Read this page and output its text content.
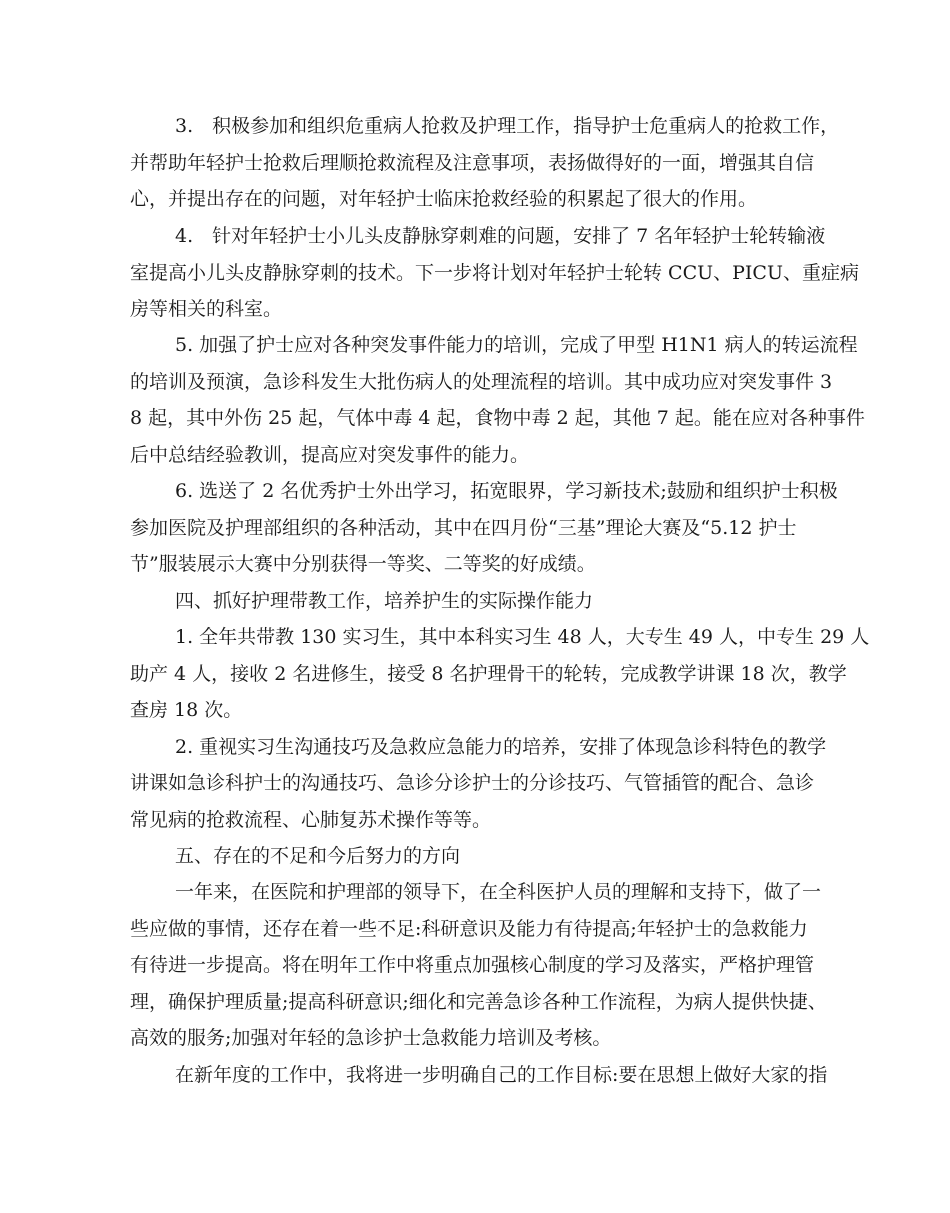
3.　积极参加和组织危重病人抢救及护理工作，指导护士危重病人的抢救工作，
并帮助年轻护士抢救后理顺抢救流程及注意事项，表扬做得好的一面，增强其自信
心，并提出存在的问题，对年轻护士临床抢救经验的积累起了很大的作用。
4.　针对年轻护士小儿头皮静脉穿刺难的问题，安排了 7 名年轻护士轮转输液
室提高小儿头皮静脉穿刺的技术。下一步将计划对年轻护士轮转 CCU、PICU、重症病
房等相关的科室。
5. 加强了护士应对各种突发事件能力的培训，完成了甲型 H1N1 病人的转运流程
的培训及预演，急诊科发生大批伤病人的处理流程的培训。其中成功应对突发事件 3
8 起，其中外伤 25 起，气体中毒 4 起，食物中毒 2 起，其他 7 起。能在应对各种事件
后中总结经验教训，提高应对突发事件的能力。
6. 选送了 2 名优秀护士外出学习，拓宽眼界，学习新技术;鼓励和组织护士积极
参加医院及护理部组织的各种活动，其中在四月份“三基”理论大赛及“5.12 护士
节”服装展示大赛中分别获得一等奖、二等奖的好成绩。
四、抓好护理带教工作，培养护生的实际操作能力
1. 全年共带教 130 实习生，其中本科实习生 48 人，大专生 49 人，中专生 29 人
助产 4 人，接收 2 名进修生，接受 8 名护理骨干的轮转，完成教学讲课 18 次，教学
查房 18 次。
2. 重视实习生沟通技巧及急救应急能力的培养，安排了体现急诊科特色的教学
讲课如急诊科护士的沟通技巧、急诊分诊护士的分诊技巧、气管插管的配合、急诊
常见病的抢救流程、心肺复苏术操作等等。
五、存在的不足和今后努力的方向
一年来，在医院和护理部的领导下，在全科医护人员的理解和支持下，做了一
些应做的事情，还存在着一些不足:科研意识及能力有待提高;年轻护士的急救能力
有待进一步提高。将在明年工作中将重点加强核心制度的学习及落实，严格护理管
理，确保护理质量;提高科研意识;细化和完善急诊各种工作流程，为病人提供快捷、
高效的服务;加强对年轻的急诊护士急救能力培训及考核。
在新年度的工作中，我将进一步明确自己的工作目标:要在思想上做好大家的指
